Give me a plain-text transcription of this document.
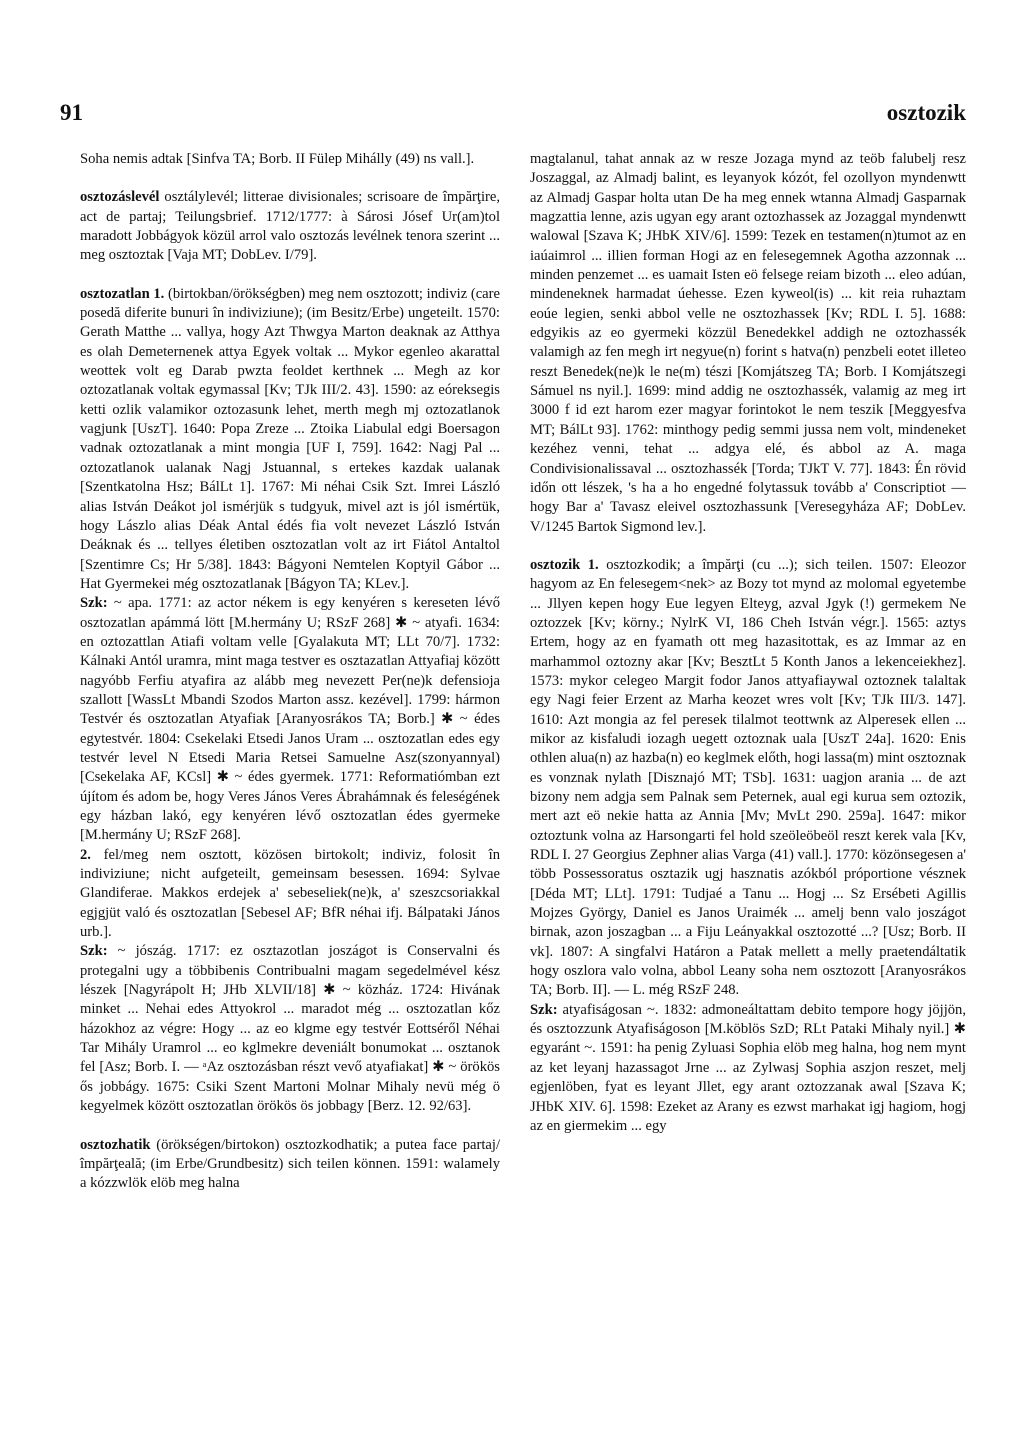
91	osztozik

Soha nemis adtak [Sinfva TA; Borb. II Fülep Mihálly (49) ns vall.].

osztozáslevél osztálylevél; litterae divisionales; scrisoare de împărţire, act de partaj; Teilungsbrief. 1712/1777: à Sárosi Jósef Ur(am)tol maradott Jobbágyok közül arrol valo osztozás levélnek tenora szerint ... meg osztoztak [Vaja MT; DobLev. I/79].

osztozatlan 1. (birtokban/örökségben) meg nem osztozott; indiviz (care posedă diferite bunuri în indiviziune); (im Besitz/Erbe) ungeteilt. 1570: Gerath Matthe ... vallya, hogy Azt Thwgya Marton deaknak az Atthya es olah Demeternenek attya Egyek voltak ... Mykor egenleo akarattal weottek volt eg Darab pwzta feoldet kerthnek ... Megh az kor oztozatlanak voltak egymassal [Kv; TJk III/2. 43]. 1590: az eóreksegis ketti ozlik valamikor oztozasunk lehet, merth megh mj oztozatlanok vagjunk [UszT]. 1640: Popa Zreze ... Ztoika Liabulal edgi Boersagon vadnak oztozatlanak a mint mongia [UF I, 759]. 1642: Nagj Pal ... oztozatlanok ualanak Nagj Jstuannal, s ertekes kazdak ualanak [Szentkatolna Hsz; BálLt 1]. 1767: Mi néhai Csik Szt. Imrei László alias István Deákot jol ismérjük s tudgyuk, mivel azt is jól ismértük, hogy Lászlo alias Déak Antal édés fia volt nevezet László István Deáknak és ... tellyes életiben osztozatlan volt az irt Fiátol Antaltol [Szentimre Cs; Hr 5/38]. 1843: Bágyoni Nemtelen Koptyil Gábor ... Hat Gyermekei még osztozatlanak [Bágyon TA; KLev.].

Szk: ~ apa. 1771: az actor nékem is egy kenyéren s kereseten lévő osztozatlan apámmá lött [M.hermány U; RSzF 268] ✱ ~ atyafi. 1634: en oztozattlan Atiafi voltam velle [Gyalakuta MT; LLt 70/7]. 1732: Kálnaki Antól uramra, mint maga testver es osztazatlan Attyafiaj között nagyóbb Ferfiu atyafira az alább meg nevezett Per(ne)k defensioja szallott [WassLt Mbandi Szodos Marton assz. kezével]. 1799: hármon Testvér és osztozatlan Atyafiak [Aranyosrákos TA; Borb.] ✱ ~ édes egytestvér. 1804: Csekelaki Etsedi Janos Uram ... osztozatlan edes egy testvér level N Etsedi Maria Retsei Samuelne Asz(szonyannyal) [Csekelaka AF, KCsl] ✱ ~ édes gyermek. 1771: Reformatiómban ezt újítom és adom be, hogy Veres János Veres Ábrahámnak és feleségének egy házban lakó, egy kenyéren lévő osztozatlan édes gyermeke [M.hermány U; RSzF 268].

2. fel/meg nem osztott, közösen birtokolt; indiviz, folosit în indiviziune; nicht aufgeteilt, gemeinsam besessen. 1694: Sylvae Glandiferae. Makkos erdejek a' sebeseliek(ne)k, a' szeszcsoriakkal egjgjüt való és osztozatlan [Sebesel AF; BfR néhai ifj. Bálpataki János urb.].

Szk: ~ jószág. 1717: ez osztazotlan joszágot is Conservalni és protegalni ugy a többibenis Contribualni magam segedelmével kész lészek [Nagyrápolt H; JHb XLVII/18] ✱ ~ közház. 1724: Hivának minket ... Nehai edes Attyokrol ... maradot még ... osztozatlan kőz házokhoz az végre: Hogy ... az eo klgme egy testvér Eottséről Néhai Tar Mihály Uramrol ... eo kglmekre deveniált bonumokat ... osztanok fel [Asz; Borb. I. — ᵃAz osztozásban részt vevő atyafiakat] ✱ ~ örökös ős jobbágy. 1675: Csiki Szent Martoni Molnar Mihaly nevü még ö kegyelmek között osztozatlan örökös ös jobbagy [Berz. 12. 92/63].

osztozhatik (örökségen/birtokon) osztozkodhatik; a putea face partaj/împărţeală; (im Erbe/Grundbesitz) sich teilen können. 1591: walamely a kózzwlök elöb meg halna

magtalanul, tahat annak az w resze Jozaga mynd az teöb falubelj resz Joszaggal, az Almadj balint, es leyanyok kózót, fel ozollyon myndenwtt az Almadj Gaspar holta utan De ha meg ennek wtanna Almadj Gasparnak magzattia lenne, azis ugyan egy arant oztozhassek az Jozaggal myndenwtt walowal [Szava K; JHbK XIV/6]. 1599: Tezek en testamen(n)tumot az en iaúaimrol ... illien forman Hogi az en felesegemnek Agotha azzonnak ... minden penzemet ... es uamait Isten eö felsege reiam bizoth ... eleo adúan, mindeneknek harmadat úehesse. Ezen kyweol(is) ... kit reia ruhaztam eoúe legien, senki abbol velle ne osztozhassek [Kv; RDL I. 5]. 1688: edgyikis az eo gyermeki közzül Benedekkel addigh ne oztozhassék valamigh az fen megh irt negyue(n) forint s hatva(n) penzbeli eotet illeteo reszt Benedek(ne)k le ne(m) tészi [Komjátszeg TA; Borb. I Komjátszegi Sámuel ns nyil.]. 1699: mind addig ne osztozhassék, valamig az meg irt 3000 f id ezt harom ezer magyar forintokot le nem teszik [Meggyesfva MT; BálLt 93]. 1762: minthogy pedig semmi jussa nem volt, mindeneket kezéhez venni, tehat ... adgya elé, és abbol az A. maga Condivisionalissaval ... osztozhassék [Torda; TJkT V. 77]. 1843: Én rövid időn ott lészek, 's ha a ho engedné folytassuk tovább a' Conscriptiot — hogy Bar a' Tavasz eleivel osztozhassunk [Veresegyháza AF; DobLev. V/1245 Bartok Sigmond lev.].

osztozik 1. osztozkodik; a împărţi (cu ...); sich teilen. 1507: Eleozor hagyom az En felesegem<nek> az Bozy tot mynd az molomal egyetembe ... Jllyen kepen hogy Eue legyen Elteyg, azval Jgyk (!) germekem Ne oztozzek [Kv; körny.; NylrK VI, 186 Cheh István végr.]. 1565: aztys Ertem, hogy az en fyamath ott meg hazasitottak, es az Immar az en marhammol oztozny akar [Kv; BesztLt 5 Konth Janos a lekenceiekhez]. 1573: mykor celegeo Margit fodor Janos attyafiaywal oztoznek talaltak egy Nagi feier Erzent az Marha keozet wres volt [Kv; TJk III/3. 147]. 1610: Azt mongia az fel peresek tilalmot teottwnk az Alperesek ellen ... mikor az kisfaludi iozagh uegett oztoznak uala [UszT 24a]. 1620: Enis othlen alua(n) az hazba(n) eo keglmek előth, hogi lassa(m) mint osztoznak es vonznak nylath [Disznajó MT; TSb]. 1631: uagjon arania ... de azt bizony nem adgja sem Palnak sem Peternek, aual egi kurua sem oztozik, mert azt eö nekie hatta az Annia [Mv; MvLt 290. 259a]. 1647: mikor oztoztunk volna az Harsongarti fel hold szeöleöbeöl reszt kerek vala [Kv, RDL I. 27 Georgius Zephner alias Varga (41) vall.]. 1770: közönsegesen a' több Possessoratus osztazik ugj hasznatis azókból próportione vésznek [Déda MT; LLt]. 1791: Tudjaé a Tanu ... Hogj ... Sz Ersébeti Agillis Mojzes György, Daniel es Janos Uraimék ... amelj benn valo joszágot birnak, azon joszagban ... a Fiju Leányakkal osztozotté ...? [Usz; Borb. II vk]. 1807: A singfalvi Határon a Patak mellett a melly praetendáltatik hogy oszlora valo volna, abbol Leany soha nem osztozott [Aranyosrákos TA; Borb. II]. — L. még RSzF 248.

Szk: atyafiságosan ~. 1832: admoneáltattam debito tempore hogy jöjjön, és osztozzunk Atyafiságoson [M.köblös SzD; RLt Pataki Mihaly nyil.] ✱ egyaránt ~. 1591: ha penig Zyluasi Sophia elöb meg halna, hog nem mynt az ket leyanj hazassagot Jrne ... az Zylwasj Sophia aszjon reszet, melj egjenlöben, fyat es leyant Jllet, egy arant oztozzanak awal [Szava K; JHbK XIV. 6]. 1598: Ezeket az Arany es ezwst marhakat igj hagiom, hogj az en giermekim ... egy
